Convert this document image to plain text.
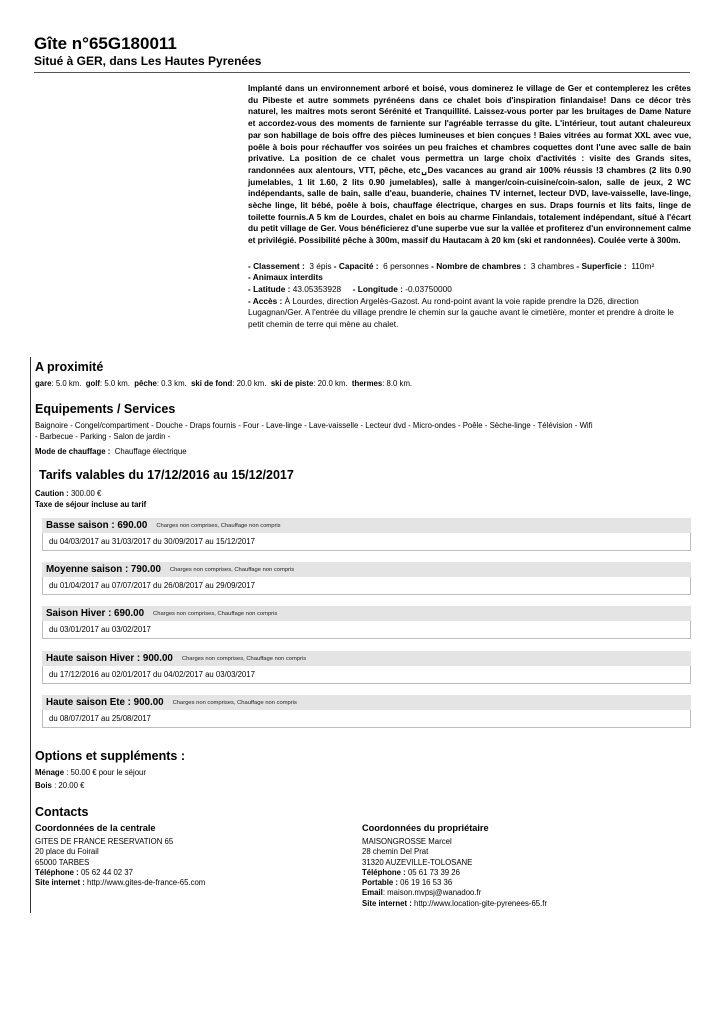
Gîte n°65G180011
Situé à GER, dans Les Hautes Pyrenées
Implanté dans un environnement arboré et boisé, vous dominerez le village de Ger et contemplerez les crêtes du Pibeste et autre sommets pyrénéens dans ce chalet bois d'inspiration finlandaise! Dans ce décor très naturel, les maitres mots seront Sérénité et Tranquillité. Laissez-vous porter par les bruitages de Dame Nature et accordez-vous des moments de farniente sur l'agréable terrasse du gîte. L'intérieur, tout autant chaleureux par son habillage de bois offre des pièces lumineuses et bien conçues ! Baies vitrées au format XXL avec vue, poêle à bois pour réchauffer vos soirées un peu fraiches et chambres coquettes dont l'une avec salle de bain privative. La position de ce chalet vous permettra un large choix d'activités : visite des Grands sites, randonnées aux alentours, VTT, pêche, etc␣Des vacances au grand air 100% réussis !3 chambres (2 lits 0.90 jumelables, 1 lit 1.60, 2 lits 0.90 jumelables), salle à manger/coin-cuisine/coin-salon, salle de jeux, 2 WC indépendants, salle de bain, salle d'eau, buanderie, chaines TV internet, lecteur DVD, lave-vaisselle, lave-linge, sèche linge, lit bébé, poêle à bois, chauffage électrique, charges en sus. Draps fournis et lits faits, linge de toilette fournis.A 5 km de Lourdes, chalet en bois au charme Finlandais, totalement indépendant, situé à l'écart du petit village de Ger. Vous bénéficierez d'une superbe vue sur la vallée et profiterez d'un environnement calme et privilégié. Possibilité pêche à 300m, massif du Hautacam à 20 km (ski et randonnées). Coulée verte à 300m.
- Classement : 3 épis - Capacité : 6 personnes - Nombre de chambres : 3 chambres - Superficie : 110m²
- Animaux interdits
- Latitude : 43.05353928 - Longitude : -0.03750000
- Accès : À Lourdes, direction Argelès-Gazost. Au rond-point avant la voie rapide prendre la D26, direction Lugagnan/Ger. A l'entrée du village prendre le chemin sur la gauche avant le cimetière, monter et prendre à droite le petit chemin de terre qui mène au chalet.
A proximité
gare: 5.0 km. golf: 5.0 km. pêche: 0.3 km. ski de fond: 20.0 km. ski de piste: 20.0 km. thermes: 8.0 km.
Equipements / Services
Baignoire - Congel/compartiment - Douche - Draps fournis - Four - Lave-linge - Lave-vaisselle - Lecteur dvd - Micro-ondes - Poêle - Sèche-linge - Télévision - Wifi - Barbecue - Parking - Salon de jardin -
Mode de chauffage : Chauffage électrique
Tarifs valables du 17/12/2016 au 15/12/2017
Caution : 300.00 €
Taxe de séjour incluse au tarif
Basse saison : 690.00 Charges non comprises, Chauffage non compris
du 04/03/2017 au 31/03/2017 du 30/09/2017 au 15/12/2017
Moyenne saison : 790.00 Charges non comprises, Chauffage non compris
du 01/04/2017 au 07/07/2017 du 26/08/2017 au 29/09/2017
Saison Hiver : 690.00 Charges non comprises, Chauffage non compris
du 03/01/2017 au 03/02/2017
Haute saison Hiver : 900.00 Charges non comprises, Chauffage non compris
du 17/12/2016 au 02/01/2017 du 04/02/2017 au 03/03/2017
Haute saison Ete : 900.00 Charges non comprises, Chauffage non compris
du 08/07/2017 au 25/08/2017
Options et suppléments :
Ménage : 50.00 € pour le séjour
Bois : 20.00 €
Contacts
Coordonnées de la centrale
GITES DE FRANCE RESERVATION 65
20 place du Foirail
65000 TARBES
Téléphone : 05 62 44 02 37
Site internet : http://www.gites-de-france-65.com
Coordonnées du propriétaire
MAISONGROSSE Marcel
28 chemin Del Prat
31320 AUZEVILLE-TOLOSANE
Téléphone : 05 61 73 39 26
Portable : 06 19 16 53 36
Email: maison.mvpsj@wanadoo.fr
Site internet : http://www.location-gite-pyrenees-65.fr
